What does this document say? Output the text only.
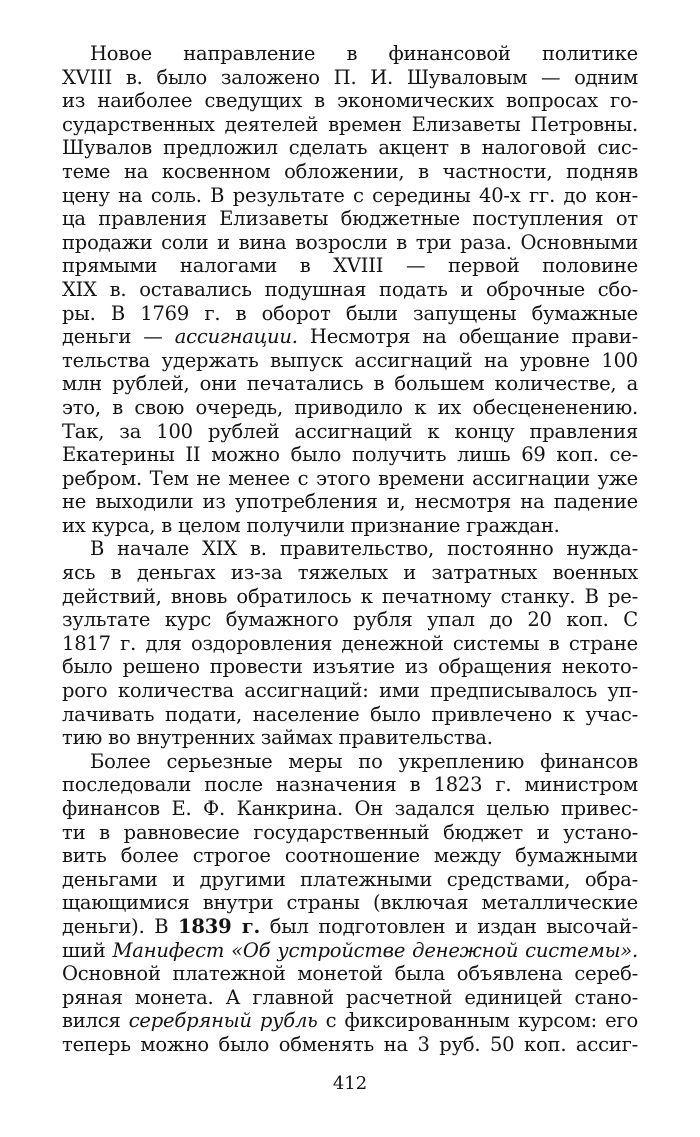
Новое направление в финансовой политике
XVIII в. было заложено П. И. Шуваловым — одним
из наиболее сведущих в экономических вопросах го-
сударственных деятелей времен Елизаветы Петровны.
Шувалов предложил сделать акцент в налоговой сис-
теме на косвенном обложении, в частности, подняв
цену на соль. В результате с середины 40-х гг. до кон-
ца правления Елизаветы бюджетные поступления от
продажи соли и вина возросли в три раза. Основными
прямыми налогами в XVIII — первой половине
XIX в. оставались подушная подать и оброчные сбо-
ры. В 1769 г. в оборот были запущены бумажные
деньги — ассигнации. Несмотря на обещание прави-
тельства удержать выпуск ассигнаций на уровне 100
млн рублей, они печатались в большем количестве, а
это, в свою очередь, приводило к их обесцененению.
Так, за 100 рублей ассигнаций к концу правления
Екатерины II можно было получить лишь 69 коп. се-
ребром. Тем не менее с этого времени ассигнации уже
не выходили из употребления и, несмотря на падение
их курса, в целом получили признание граждан.
В начале XIX в. правительство, постоянно нужда-
ясь в деньгах из-за тяжелых и затратных военных
действий, вновь обратилось к печатному станку. В ре-
зультате курс бумажного рубля упал до 20 коп. С
1817 г. для оздоровления денежной системы в стране
было решено провести изъятие из обращения некото-
рого количества ассигнаций: ими предписывалось уп-
лачивать подати, население было привлечено к учас-
тию во внутренних займах правительства.
Более серьезные меры по укреплению финансов
последовали после назначения в 1823 г. министром
финансов Е. Ф. Канкрина. Он задался целью привес-
ти в равновесие государственный бюджет и устано-
вить более строгое соотношение между бумажными
деньгами и другими платежными средствами, обра-
щающимися внутри страны (включая металлические
деньги). В 1839 г. был подготовлен и издан высочай-
ший Манифест «Об устройстве денежной системы».
Основной платежной монетой была объявлена сереб-
ряная монета. А главной расчетной единицей стано-
вился серебряный рубль с фиксированным курсом: его
теперь можно было обменять на 3 руб. 50 коп. ассиг-
412
